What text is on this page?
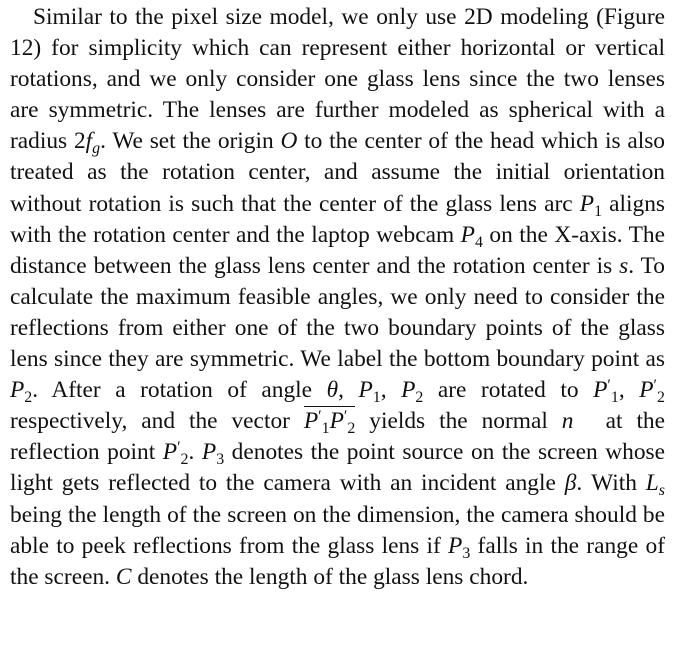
Similar to the pixel size model, we only use 2D modeling (Figure 12) for simplicity which can represent either horizontal or vertical rotations, and we only consider one glass lens since the two lenses are symmetric. The lenses are further modeled as spherical with a radius $2f_g$. We set the origin O to the center of the head which is also treated as the rotation center, and assume the initial orientation without rotation is such that the center of the glass lens arc $P_1$ aligns with the rotation center and the laptop webcam $P_4$ on the X-axis. The distance between the glass lens center and the rotation center is s. To calculate the maximum feasible angles, we only need to consider the reflections from either one of the two boundary points of the glass lens since they are symmetric. We label the bottom boundary point as $P_2$. After a rotation of angle θ, $P_1$, $P_2$ are rotated to $P'_1$, $P'_2$ respectively, and the vector $P'_1P'_2$ yields the normal n⃗ at the reflection point $P'_2$. $P_3$ denotes the point source on the screen whose light gets reflected to the camera with an incident angle β. With $L_s$ being the length of the screen on the dimension, the camera should be able to peek reflections from the glass lens if $P_3$ falls in the range of the screen. C denotes the length of the glass lens chord.
